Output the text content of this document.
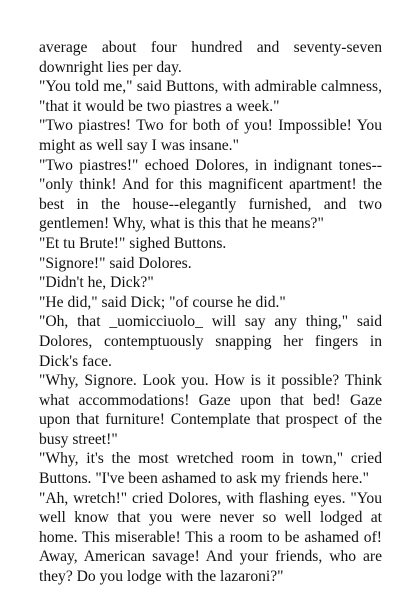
average about four hundred and seventy-seven downright lies per day.

"You told me," said Buttons, with admirable calmness, "that it would be two piastres a week."

"Two piastres! Two for both of you! Impossible! You might as well say I was insane."

"Two piastres!" echoed Dolores, in indignant tones--"only think! And for this magnificent apartment! the best in the house--elegantly furnished, and two gentlemen! Why, what is this that he means?"

"Et tu Brute!" sighed Buttons.

"Signore!" said Dolores.

"Didn't he, Dick?"

"He did," said Dick; "of course he did."

"Oh, that _uomicciuolo_ will say any thing," said Dolores, contemptuously snapping her fingers in Dick's face.

"Why, Signore. Look you. How is it possible? Think what accommodations! Gaze upon that bed! Gaze upon that furniture! Contemplate that prospect of the busy street!"

"Why, it's the most wretched room in town," cried Buttons. "I've been ashamed to ask my friends here."

"Ah, wretch!" cried Dolores, with flashing eyes. "You well know that you were never so well lodged at home. This miserable! This a room to be ashamed of! Away, American savage! And your friends, who are they? Do you lodge with the lazaroni?"
